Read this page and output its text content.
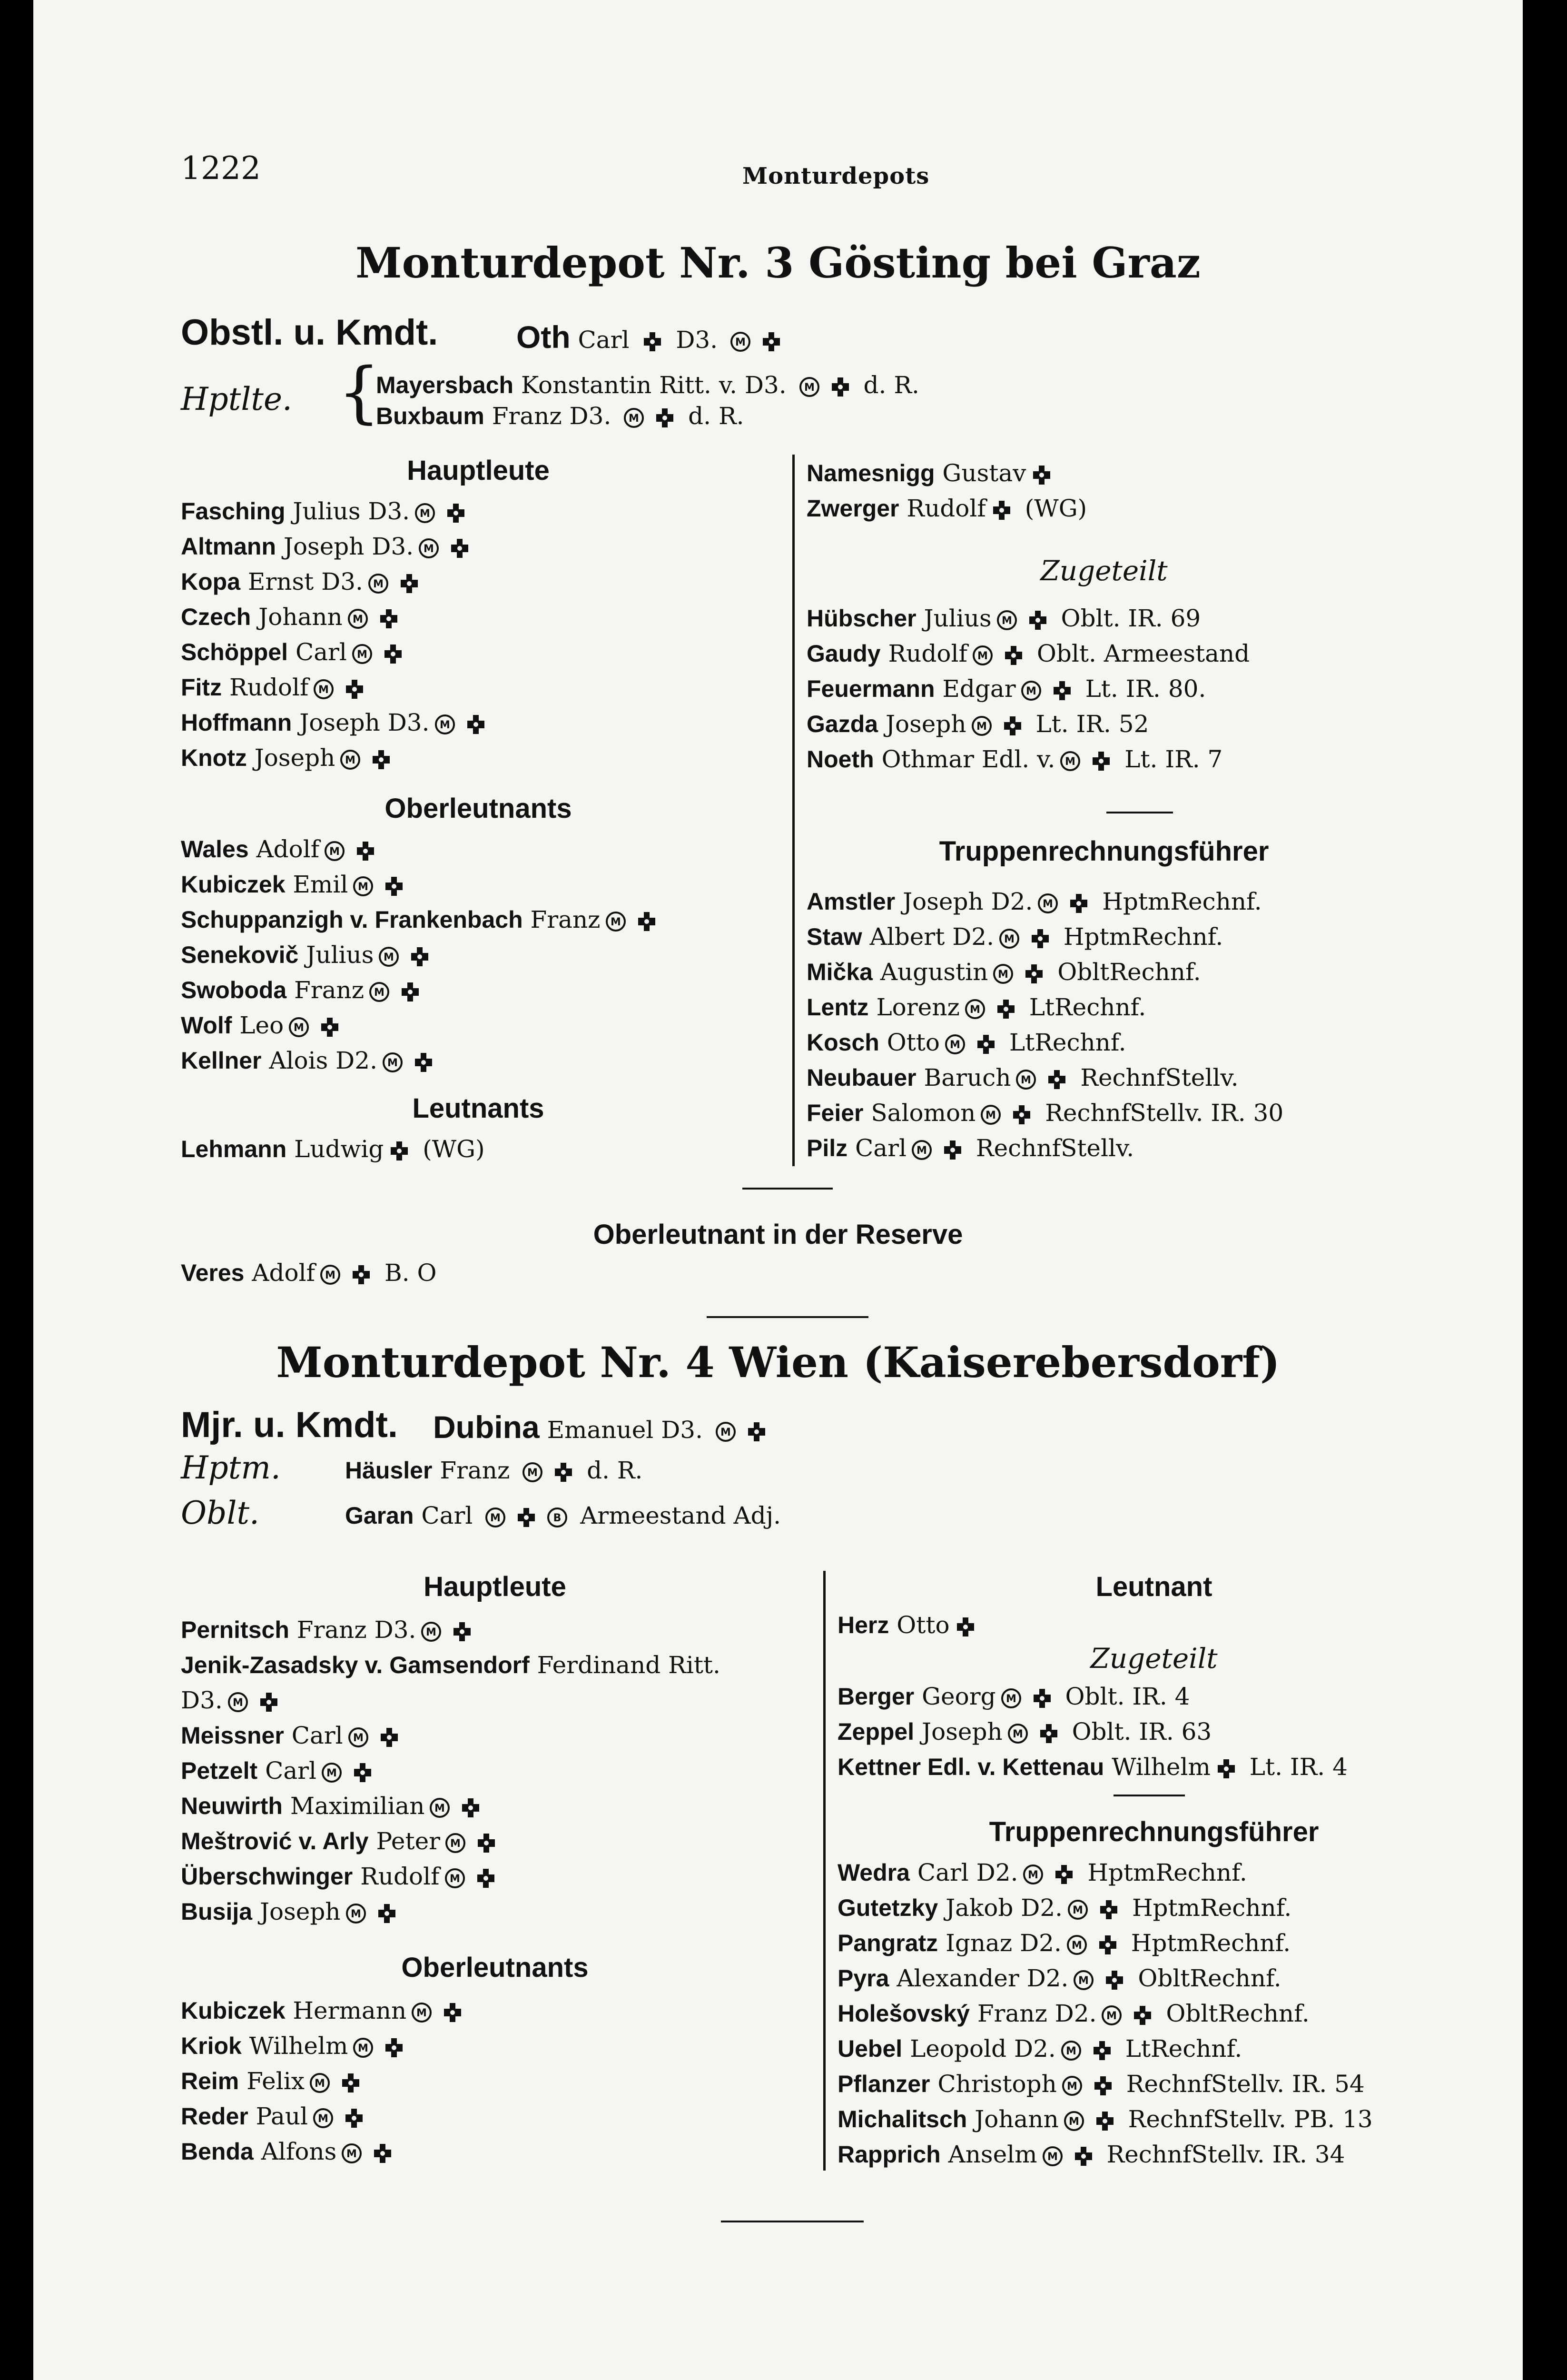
1222	Monturdepots
Monturdepot Nr. 3 Gösting bei Graz
Obstl. u. Kmdt. Oth Carl D3. M
Hptlte. {
Mayersbach Konstantin Ritt. v. D3. M d. R.
Buxbaum Franz D3. M d. R.
Hauptleute
Oberleutnants
Leutnants
Zugeteilt
Truppenrechnungsführer
Oberleutnant in der Reserve
Monturdepot Nr. 4 Wien (Kaiserebersdorf)
Mjr. u. Kmdt. Dubina Emanuel D3. M
Hptm.	Häusler Franz M d. R.
Oblt.	Garan Carl M	B Armeestand Adj.
Hauptleute
Oberleutnants
Leutnant
Zugeteilt
Truppenrechnungsführer
Fasching Julius D3. M
Altmann Joseph D3. M
Kopa Ernst D3. M
Czech Johann M
Schöppel Carl M
Fitz Rudolf M
Hoffmann Joseph D3. M
Knotz Joseph M
Wales Adolf M
Kubiczek Emil M
Schuppanzigh v. Frankenbach Franz M
Senekovič Julius M
Swoboda Franz M
Wolf Leo M
Kellner Alois D2. M
Lehmann Ludwig (WG)
Namesnigg Gustav
Zwerger Rudolf (WG)
Hübscher Julius M Oblt. IR. 69
Gaudy Rudolf M Oblt. Armeestand
Feuermann Edgar M Lt. IR. 80.
Gazda Joseph M Lt. IR. 52
Noeth Othmar Edl. v. M Lt. IR. 7
Amstler Joseph D2. M HptmRechnf.
Staw Albert D2. M HptmRechnf.
Mička Augustin M ObltRechnf.
Lentz Lorenz M LtRechnf.
Kosch Otto M LtRechnf.
Neubauer Baruch M RechnfStellv.
Feier Salomon M RechnfStellv. IR. 30
Pilz Carl M RechnfStellv.
Pernitsch Franz D3. M
Jenik-Zasadsky v. Gamsendorf Ferdinand Ritt.
D3. M
Meissner Carl M
Petzelt Carl M
Neuwirth Maximilian M
Meštrović v. Arly Peter M
Überschwinger Rudolf M
Busija Joseph M
Kubiczek Hermann M
Kriok Wilhelm M
Reim Felix M
Reder Paul M
Benda Alfons M
Berger Georg M Oblt. IR. 4
Zeppel Joseph M Oblt. IR. 63
Kettner Edl. v. Kettenau Wilhelm Lt. IR. 4
Wedra Carl D2. M HptmRechnf.
Gutetzky Jakob D2. M HptmRechnf.
Pangratz Ignaz D2. M HptmRechnf.
Pyra Alexander D2. M ObltRechnf.
Holešovský Franz D2. M ObltRechnf.
Uebel Leopold D2. M LtRechnf.
Pflanzer Christoph M RechnfStellv. IR. 54
Michalitsch Johann M RechnfStellv. PB. 13
Rapprich Anselm M RechnfStellv. IR. 34
Veres Adolf M B. O
Herz Otto
